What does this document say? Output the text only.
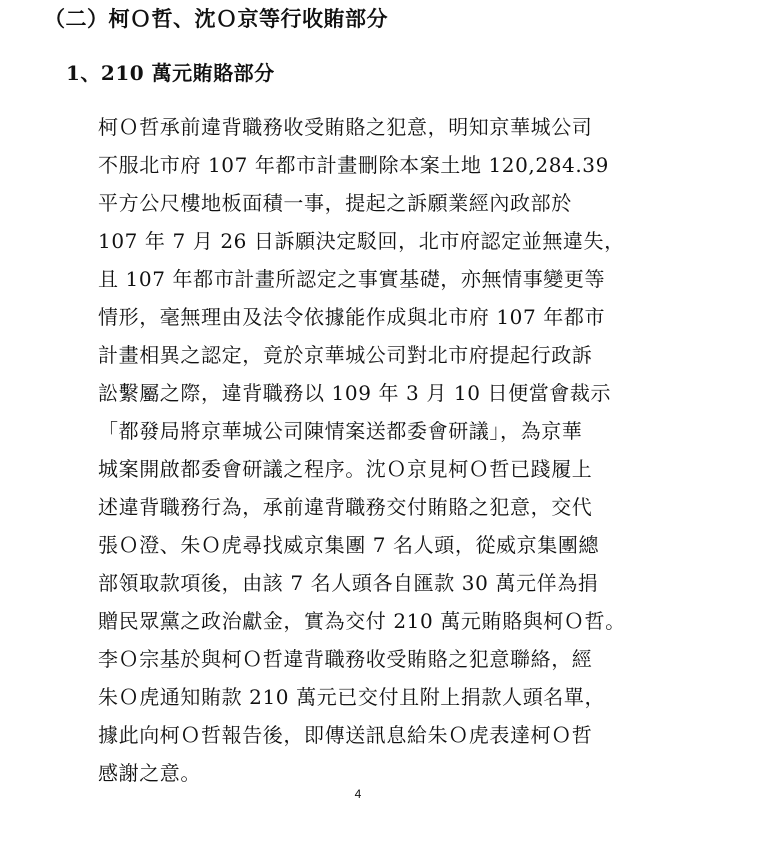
（二）柯Ｏ哲、沈Ｏ京等行收賄部分
1、210 萬元賄賂部分
柯Ｏ哲承前違背職務收受賄賂之犯意，明知京華城公司
不服北市府 107 年都市計畫刪除本案土地 120,284.39
平方公尺樓地板面積一事，提起之訴願業經內政部於
107 年 7 月 26 日訴願決定駁回，北市府認定並無違失，
且 107 年都市計畫所認定之事實基礎，亦無情事變更等
情形，毫無理由及法令依據能作成與北市府 107 年都市
計畫相異之認定，竟於京華城公司對北市府提起行政訴
訟繫屬之際，違背職務以 109 年 3 月 10 日便當會裁示
「都發局將京華城公司陳情案送都委會研議」，為京華
城案開啟都委會研議之程序。沈Ｏ京見柯Ｏ哲已踐履上
述違背職務行為，承前違背職務交付賄賂之犯意，交代
張Ｏ澄、朱Ｏ虎尋找威京集團 7 名人頭，從威京集團總
部領取款項後，由該 7 名人頭各自匯款 30 萬元佯為捐
贈民眾黨之政治獻金，實為交付 210 萬元賄賂與柯Ｏ哲。
李Ｏ宗基於與柯Ｏ哲違背職務收受賄賂之犯意聯絡，經
朱Ｏ虎通知賄款 210 萬元已交付且附上捐款人頭名單，
據此向柯Ｏ哲報告後，即傳送訊息給朱Ｏ虎表達柯Ｏ哲
感謝之意。
4
